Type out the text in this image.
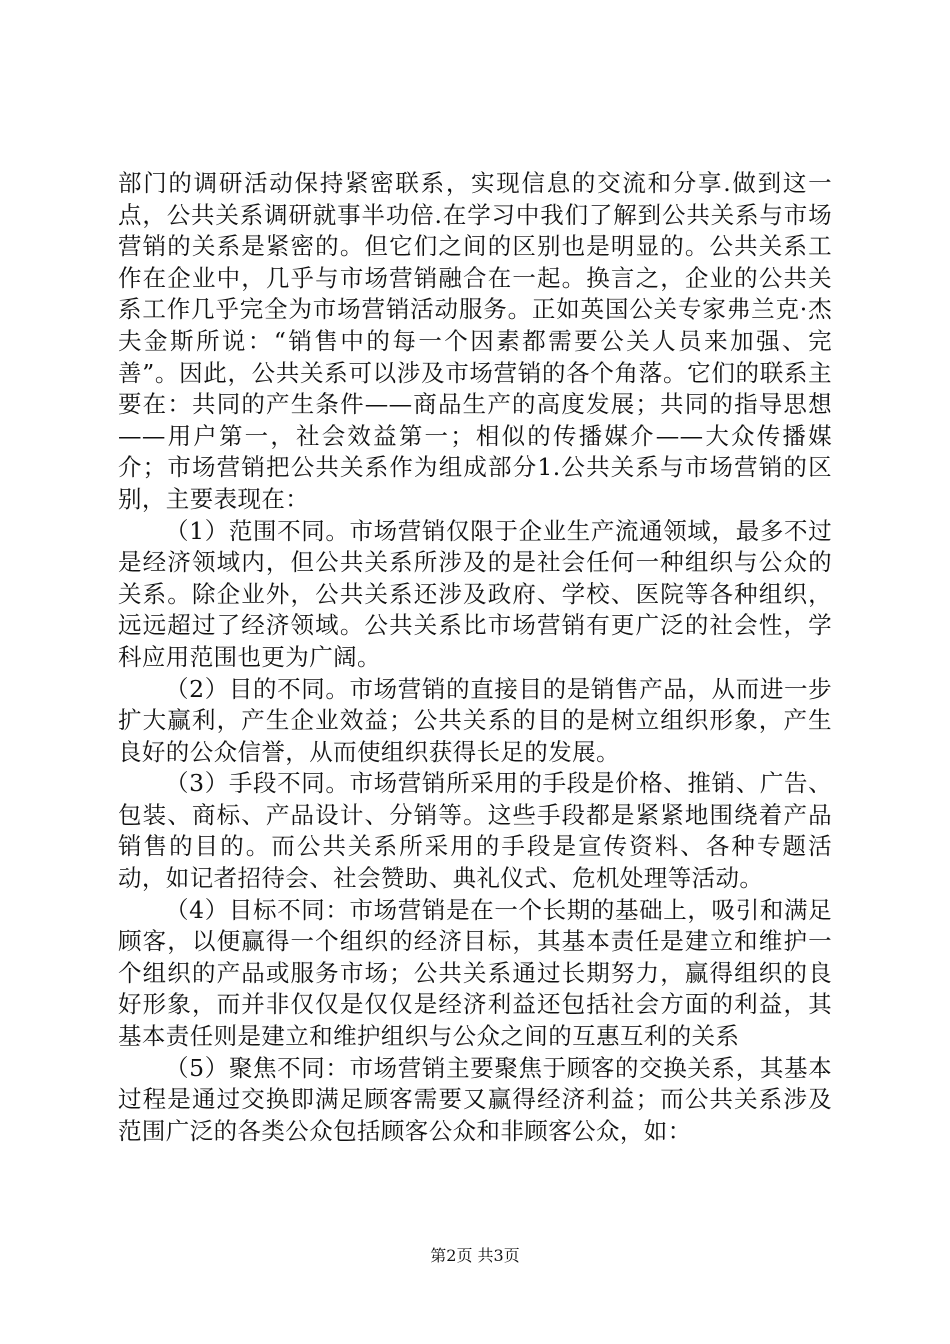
部门的调研活动保持紧密联系，实现信息的交流和分享.做到这一点，公共关系调研就事半功倍.在学习中我们了解到公共关系与市场营销的关系是紧密的。但它们之间的区别也是明显的。公共关系工作在企业中，几乎与市场营销融合在一起。换言之，企业的公共关系工作几乎完全为市场营销活动服务。正如英国公关专家弗兰克·杰夫金斯所说：“销售中的每一个因素都需要公关人员来加强、完善”。因此，公共关系可以涉及市场营销的各个角落。它们的联系主要在：共同的产生条件——商品生产的高度发展；共同的指导思想——用户第一，社会效益第一；相似的传播媒介——大众传播媒介；市场营销把公共关系作为组成部分1.公共关系与市场营销的区别，主要表现在：

（1）范围不同。市场营销仅限于企业生产流通领域，最多不过是经济领域内，但公共关系所涉及的是社会任何一种组织与公众的关系。除企业外，公共关系还涉及政府、学校、医院等各种组织，远远超过了经济领域。公共关系比市场营销有更广泛的社会性，学科应用范围也更为广阔。

（2）目的不同。市场营销的直接目的是销售产品，从而进一步扩大赢利，产生企业效益；公共关系的目的是树立组织形象，产生良好的公众信誉，从而使组织获得长足的发展。

（3）手段不同。市场营销所采用的手段是价格、推销、广告、包装、商标、产品设计、分销等。这些手段都是紧紧地围绕着产品销售的目的。而公共关系所采用的手段是宣传资料、各种专题活动，如记者招待会、社会赞助、典礼仪式、危机处理等活动。

（4）目标不同：市场营销是在一个长期的基础上，吸引和满足顾客，以便赢得一个组织的经济目标，其基本责任是建立和维护一个组织的产品或服务市场；公共关系通过长期努力，赢得组织的良好形象，而并非仅仅是仅仅是经济利益还包括社会方面的利益，其基本责任则是建立和维护组织与公众之间的互惠互利的关系

（5）聚焦不同：市场营销主要聚焦于顾客的交换关系，其基本过程是通过交换即满足顾客需要又赢得经济利益；而公共关系涉及范围广泛的各类公众包括顾客公众和非顾客公众，如：

第2页 共3页
